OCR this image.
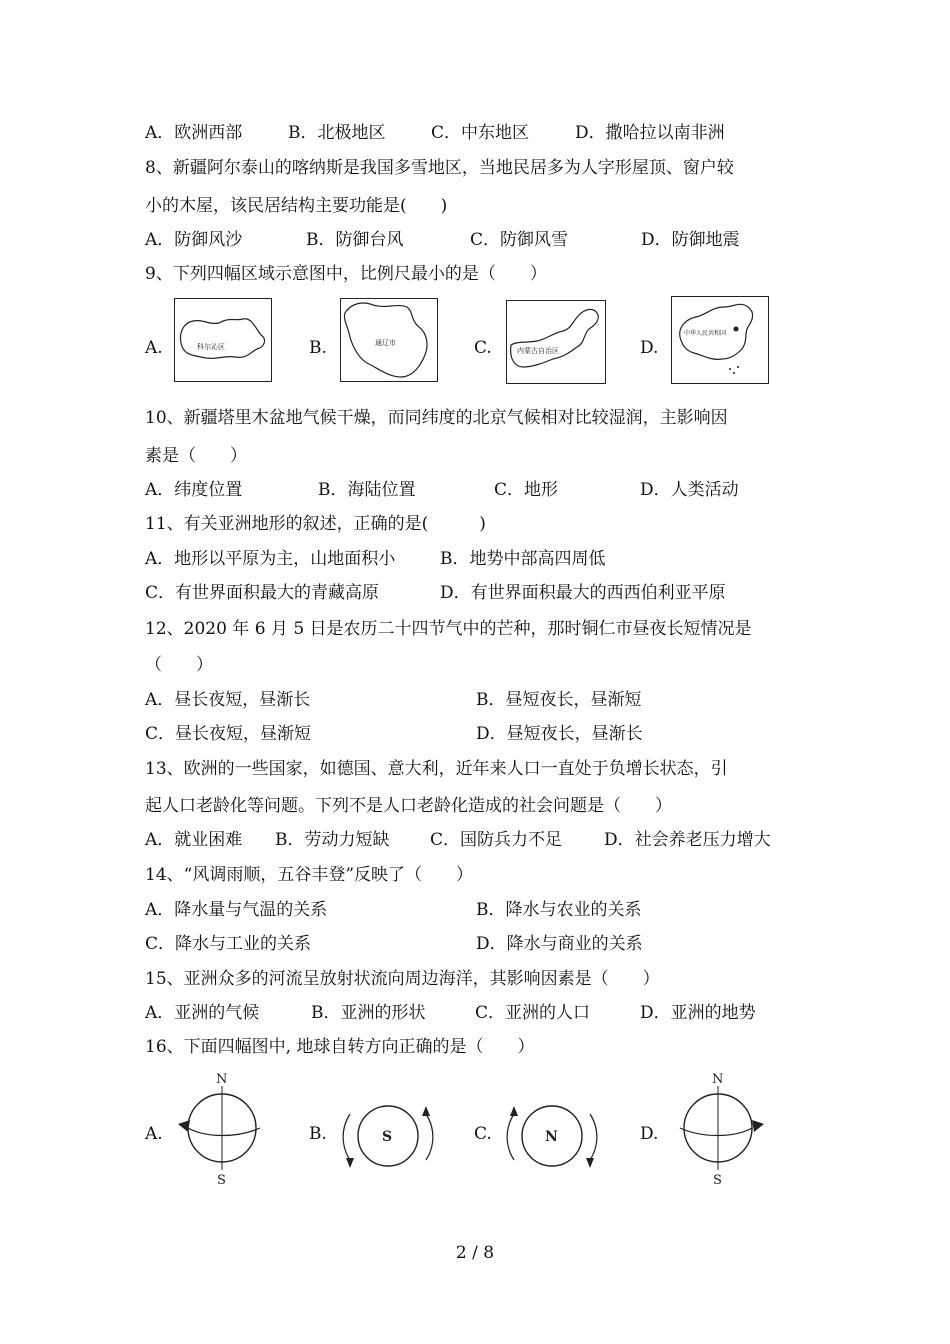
A．欧洲西部	B．北极地区	C．中东地区	D．撒哈拉以南非洲
8、新疆阿尔泰山的喀纳斯是我国多雪地区，当地民居多为人字形屋顶、窗户较
小的木屋，该民居结构主要功能是(　　)
A．防御风沙	B．防御台风	C．防御风雪	D．防御地震
9、下列四幅区域示意图中，比例尺最小的是（　　）
A.	科尔沁区	B.	通辽市	C.	内蒙古自治区	D.
中华人民共和国
10、新疆塔里木盆地气候干燥，而同纬度的北京气候相对比较湿润，主影响因
素是（　　）
A．纬度位置	B．海陆位置	C．地形	D．人类活动
11、有关亚洲地形的叙述，正确的是(　　　)
A．地形以平原为主，山地面积小	B．地势中部高四周低
C．有世界面积最大的青藏高原	D．有世界面积最大的西西伯利亚平原
12、2020 年 6 月 5 日是农历二十四节气中的芒种，那时铜仁市昼夜长短情况是
（　　）
A．昼长夜短，昼渐长	B．昼短夜长，昼渐短
C．昼长夜短，昼渐短	D．昼短夜长，昼渐长
13、欧洲的一些国家，如德国、意大利，近年来人口一直处于负增长状态，引
起人口老龄化等问题。下列不是人口老龄化造成的社会问题是（　　）
A．就业困难 B．劳动力短缺 C．国防兵力不足 D．社会养老压力增大
14、“风调雨顺，五谷丰登”反映了（　　）
A．降水量与气温的关系	B．降水与农业的关系
C．降水与工业的关系	D．降水与商业的关系
15、亚洲众多的河流呈放射状流向周边海洋，其影响因素是（　　）
A．亚洲的气候	B．亚洲的形状	C．亚洲的人口	D．亚洲的地势
16、下面四幅图中, 地球自转方向正确的是（　　）
A.
N
S
B.	S	C.	N	D.
N
S
2 / 8
